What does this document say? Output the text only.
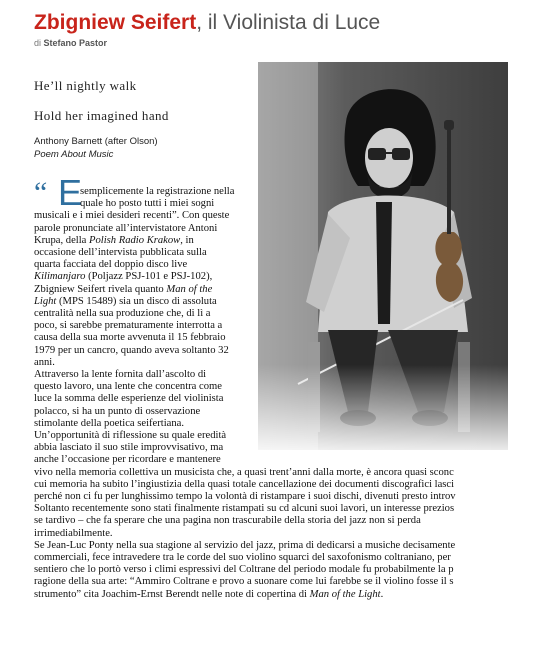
Zbigniew Seifert, il Violinista di Luce
di Stefano Pastor
He’ll nightly walk
Hold her imagined hand
Anthony Barnett (after Olson)
Poem About Music
“ E

semplicemente la registrazione nella

quale ho posto tutti i miei sogni

musicali e i miei desideri recenti”. Con queste

parole pronunciate all’intervistatore Antoni

Krupa, della Polish Radio Krakow, in

occasione dell’intervista pubblicata sulla

quarta facciata del doppio disco live

Kilimanjaro (Poljazz PSJ-101 e PSJ-102),

Zbigniew Seifert rivela quanto Man of the

Light (MPS 15489) sia un disco di assoluta

centralità nella sua produzione che, di lì a

poco, si sarebbe prematuramente interrotta a

causa della sua morte avvenuta il 15 febbraio

1979 per un cancro, quando aveva soltanto 32

anni.

Attraverso la lente fornita dall’ascolto di

questo lavoro, una lente che concentra come

luce la somma delle esperienze del violinista

polacco, si ha un punto di osservazione

stimolante della poetica seifertiana.

Un’opportunità di riflessione su quale eredità

abbia lasciato il suo stile improvvisativo, ma

anche l’occasione per ricordare e mantenere

vivo nella memoria collettiva un musicista che, a quasi trent’anni dalla morte, è ancora quasi sconc

cui memoria ha subito l’ingiustizia della quasi totale cancellazione dei documenti discografici lasci

perché non ci fu per lunghissimo tempo la volontà di ristampare i suoi dischi, divenuti presto introv

Soltanto recentemente sono stati finalmente ristampati su cd alcuni suoi lavori, un interesse prezios

se tardivo – che fa sperare che una pagina non trascurabile della storia del jazz non si perda

irrimediabilmente.

Se Jean-Luc Ponty nella sua stagione al servizio del jazz, prima di dedicarsi a musiche decisamente

commerciali, fece intravedere tra le corde del suo violino squarci del saxofonismo coltraniano, per

sentiero che lo portò verso i climi espressivi del Coltrane del periodo modale fu probabilmente la p

ragione della sua arte: “Ammiro Coltrane e provo a suonare come lui farebbe se il violino fosse il s

strumento” cita Joachim-Ernst Berendt nelle note di copertina di Man of the Light.
